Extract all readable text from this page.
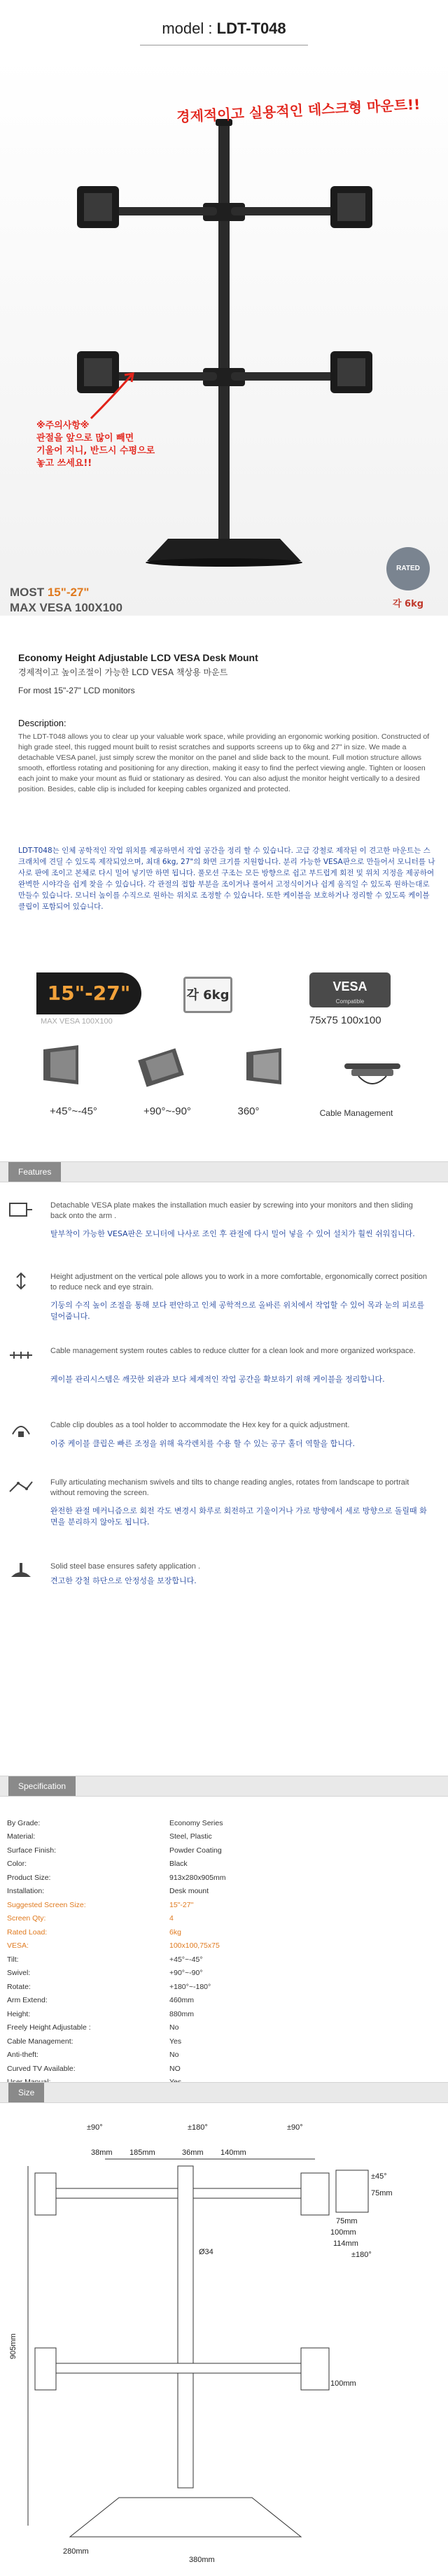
model : LDT-T048
경제적이고 실용적인 데스크형 마운트!!
※주의사항※
관절을 앞으로 많이 빼면
기울어 지니, 반드시 수평으로
놓고 쓰세요!!
MOST 15"-27"
MAX VESA 100X100
RATED
각 6kg
Economy Height Adjustable LCD VESA Desk Mount
경제적이고 높이조절이 가능한 LCD VESA 책상용 마운트
For most 15"-27" LCD monitors
Description:
The LDT-T048 allows you to clear up your valuable work space, while providing an ergonomic working position. Constructed of high grade steel, this rugged mount built to resist scratches and supports screens up to 6kg and 27" in size. We made a detachable VESA panel, just simply screw the monitor on the panel and slide back to the mount. Full motion structure allows smooth, effortless rotating and positioning for any direction, making it easy to find the perfect viewing angle. Tighten or loosen each joint to make your mount as fluid or stationary as desired. You can also adjust the monitor height vertically to a desired position. Besides, cable clip is included for keeping cables organized and protected.
LDT-T048는 인체 공학적인 작업 위치를 제공하면서 작업 공간을 정리 할 수 있습니다. 고급 강철로 제작된 이 견고한 마운트는 스크래치에 견딜 수 있도록 제작되었으며, 최대 6kg, 27"의 화면 크기를 지원합니다. 분리 가능한 VESA판으로 만들어서 모니터를 나사로 판에 조이고 본체로 다시 밀어 넣기만 하면 됩니다. 풀모션 구조는 모든 방향으로 쉽고 부드럽게 회전 및 위치 지정을 제공하여 완벽한 시야각을 쉽게 찾을 수 있습니다. 각 관절의 접합 부분을 조이거나 풀어서 고정식이거나 쉽게 움직일 수 있도록 원하는대로 만들수 있습니다. 모니터 높이를 수직으로 원하는 위치로 조정할 수 있습니다. 또한 케이블을 보호하거나 정리할 수 있도록 케이블 클립이 포함되어 있습니다.
15"-27"
MAX VESA 100X100
각 6kg
VESA
Compatible
75x75 100x100
+45°~-45°	+90°~-90°	360°	Cable Management
Features
Detachable VESA plate makes the installation much easier by screwing into your monitors and then sliding back onto the arm .
탈부착이 가능한 VESA판은 모니터에 나사로 조인 후 관절에 다시 밀어 넣을 수 있어 설치가 훨씬 쉬워집니다.
Height adjustment on the vertical pole allows you to work in a more comfortable, ergonomically correct position to reduce neck and eye strain.
기둥의 수직 높이 조절을 통해 보다 편안하고 인체 공학적으로 올바른 위치에서 작업할 수 있어 목과 눈의 피로를 덜어줍니다.
Cable management system routes cables to reduce clutter for a clean look and more organized workspace.
케이블 관리시스템은 깨끗한 외관과 보다 체계적인 작업 공간을 확보하기 위해 케이블을 정리합니다.
Cable clip doubles as a tool holder to accommodate the Hex key for a quick adjustment.
이중 케이블 클립은 빠른 조정을 위해 육각렌치를 수용 할 수 있는 공구 홀더 역할을 합니다.
Fully articulating mechanism swivels and tilts to change reading angles, rotates from landscape to portrait without removing the screen.
완전한 관절 메커니즘으로 회전 각도 변경시 화루로 회전하고 기울이거나 가로 방향에서 세로 방향으로 돌릴때 화면을 분리하지 않아도 됩니다.
Solid steel base ensures safety application .
견고한 강철 하단으로 안정성을 보장합니다.
Specification
By Grade:	Economy Series
Material:	Steel, Plastic
Surface Finish:	Powder Coating
Color:	Black
Product Size:	913x280x905mm
Installation:	Desk mount
Suggested Screen Size:	15"-27"
Screen Qty:	4
Rated Load:	6kg
VESA:	100x100,75x75
Tilt:	+45°~-45°
Swivel:	+90°~-90°
Rotate:	+180°~-180°
Arm Extend:	460mm
Height:	880mm
Freely Height Adjustable :	No
Cable Management:	Yes
Anti-theft:	No
Curved TV Available:	NO

Size
38mm 185mm	36mm 140mm
±90°	±180°	±90°
±45°
75mm
100mm
114mm
±180°
75mm
Ø34
100mm
905mm
280mm
380mm
